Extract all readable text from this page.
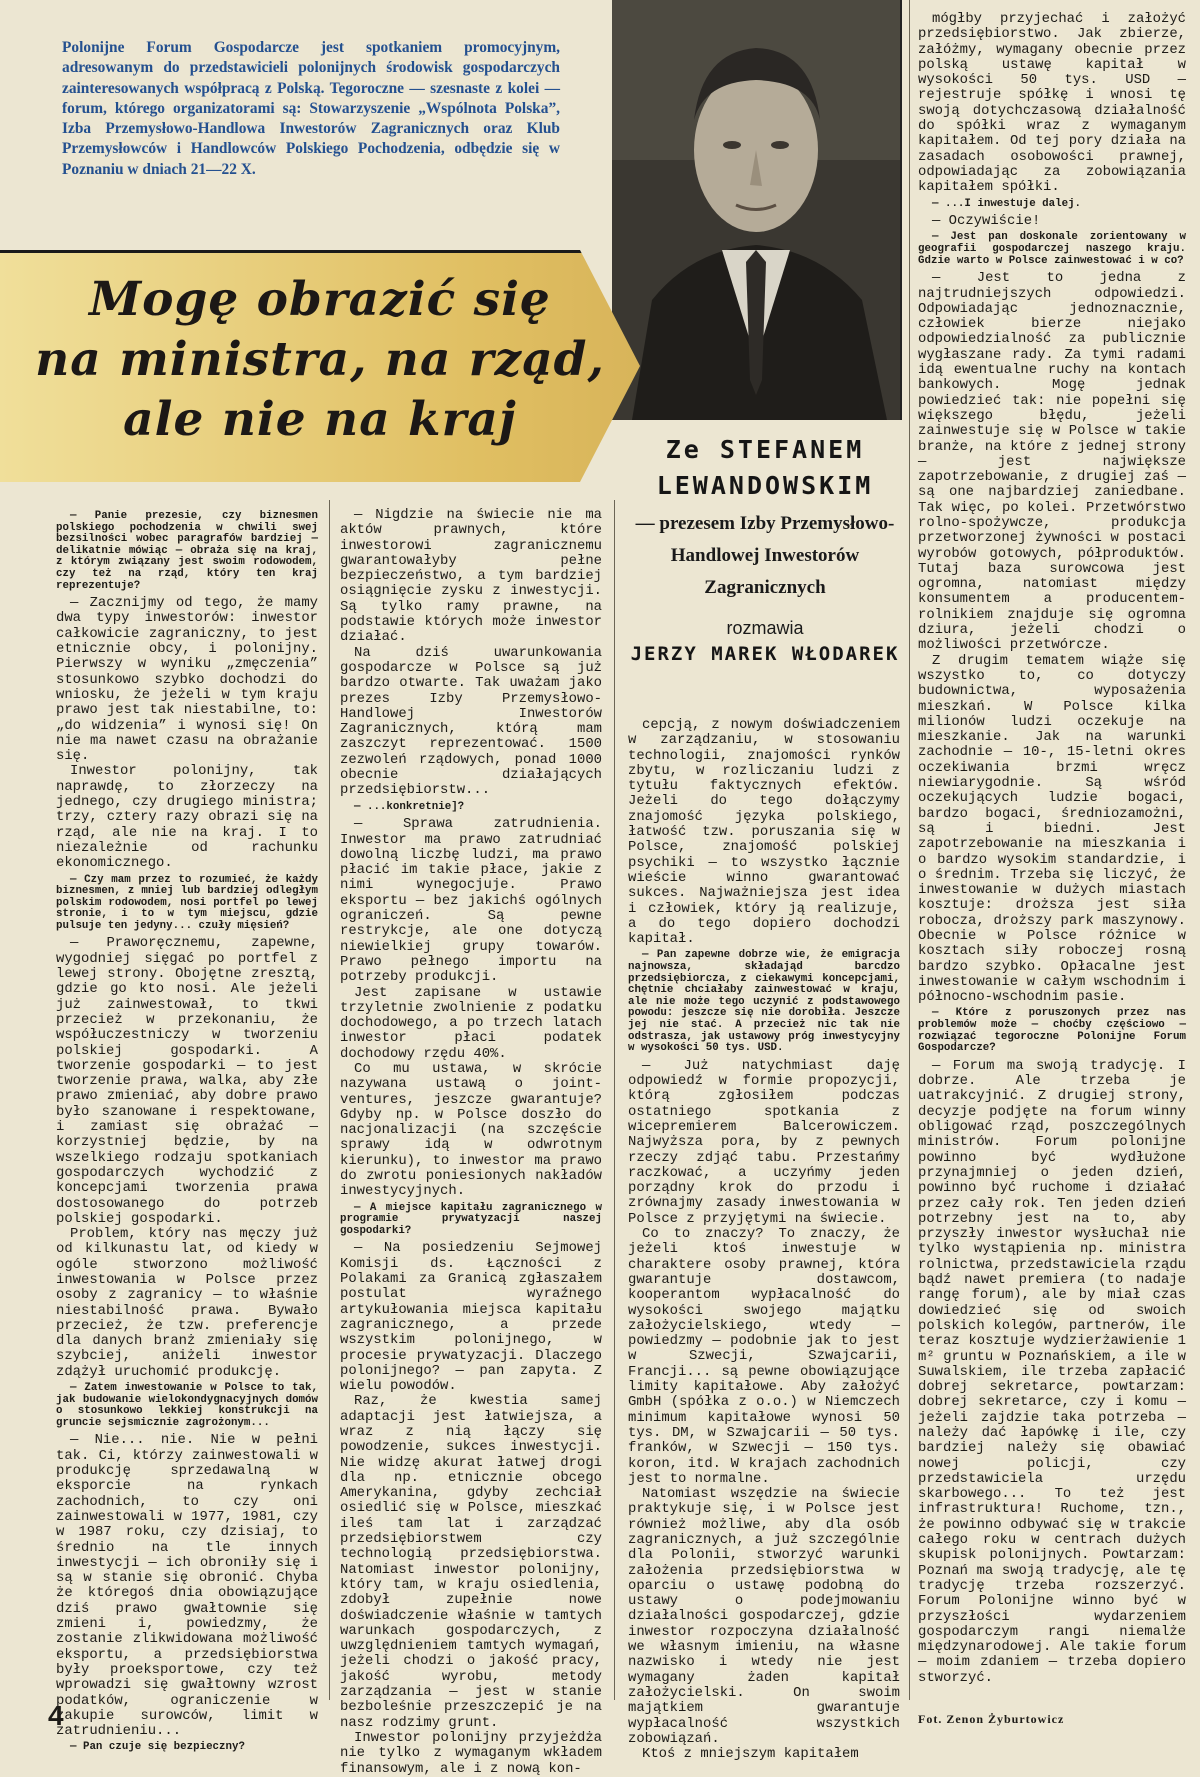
Polonijne Forum Gospodarcze jest spotkaniem promocyjnym, adresowanym do przedstawicieli polonijnych środowisk gospodarczych zainteresowanych współpracą z Polską. Tegoroczne — szesnaste z kolei — forum, którego organizatorami są: Stowarzyszenie „Wspólnota Polska”, Izba Przemysłowo-Handlowa Inwestorów Zagranicznych oraz Klub Przemysłowców i Handlowców Polskiego Pochodzenia, odbędzie się w Poznaniu w dniach 21—22 X.
Mogę obrazić się
na ministra, na rząd,
ale nie na kraj
Ze STEFANEM
LEWANDOWSKIM
— prezesem Izby Przemysłowo-Handlowej Inwestorów Zagranicznych
rozmawia
JERZY MAREK WŁODAREK

— Panie prezesie, czy biznesmen polskiego pochodzenia w chwili swej bezsilności wobec paragrafów bardziej — delikatnie mówiąc — obraża się na kraj, z którym związany jest swoim rodowodem, czy też na rząd, który ten kraj reprezentuje?

— Zacznijmy od tego, że mamy dwa typy inwestorów: inwestor całkowicie zagraniczny, to jest etnicznie obcy, i polonijny. Pierwszy w wyniku „zmęczenia” stosunkowo szybko dochodzi do wniosku, że jeżeli w tym kraju prawo jest tak niestabilne, to: „do widzenia” i wynosi się! On nie ma nawet czasu na obrażanie się.

Inwestor polonijny, tak naprawdę, to złorzeczy na jednego, czy drugiego ministra; trzy, cztery razy obrazi się na rząd, ale nie na kraj. I to niezależnie od rachunku ekonomicznego.

— Czy mam przez to rozumieć, że każdy biznesmen, z mniej lub bardziej odległym polskim rodowodem, nosi portfel po lewej stronie, i to w tym miejscu, gdzie pulsuje ten jedyny... czuły mięsień?

— Praworęcznemu, zapewne, wygodniej sięgać po portfel z lewej strony. Obojętne zresztą, gdzie go kto nosi. Ale jeżeli już zainwestował, to tkwi przecież w przekonaniu, że współuczestniczy w tworzeniu polskiej gospodarki. A tworzenie gospodarki — to jest tworzenie prawa, walka, aby złe prawo zmieniać, aby dobre prawo było szanowane i respektowane, i zamiast się obrażać — korzystniej będzie, by na wszelkiego rodzaju spotkaniach gospodarczych wychodzić z koncepcjami tworzenia prawa dostosowanego do potrzeb polskiej gospodarki.

Problem, który nas męczy już od kilkunastu lat, od kiedy w ogóle stworzono możliwość inwestowania w Polsce przez osoby z zagranicy — to właśnie niestabilność prawa. Bywało przecież, że tzw. preferencje dla danych branż zmieniały się szybciej, aniżeli inwestor zdążył uruchomić produkcję.

— Zatem inwestowanie w Polsce to tak, jak budowanie wielokondygnacyjnych domów o stosunkowo lekkiej konstrukcji na gruncie sejsmicznie zagrożonym...

— Nie... nie. Nie w pełni tak. Ci, którzy zainwestowali w produkcję sprzedawalną w eksporcie na rynkach zachodnich, to czy oni zainwestowali w 1977, 1981, czy w 1987 roku, czy dzisiaj, to średnio na tle innych inwestycji — ich obroniły się i są w stanie się obronić. Chyba że któregoś dnia obowiązujące dziś prawo gwałtownie się zmieni i, powiedzmy, że zostanie zlikwidowana możliwość eksportu, a przedsiębiorstwa były proeksportowe, czy też wprowadzi się gwałtowny wzrost podatków, ograniczenie w zakupie surowców, limit w zatrudnieniu...

— Pan czuje się bezpieczny?

— Nigdzie na świecie nie ma aktów prawnych, które inwestorowi zagranicznemu gwarantowałyby pełne bezpieczeństwo, a tym bardziej osiągnięcie zysku z inwestycji. Są tylko ramy prawne, na podstawie których może inwestor działać.

Na dziś uwarunkowania gospodarcze w Polsce są już bardzo otwarte. Tak uważam jako prezes Izby Przemysłowo-Handlowej Inwestorów Zagranicznych, którą mam zaszczyt reprezentować. 1500 zezwoleń rządowych, ponad 1000 obecnie działających przedsiębiorstw...

— ...konkretnie]?

— Sprawa zatrudnienia. Inwestor ma prawo zatrudniać dowolną liczbę ludzi, ma prawo płacić im takie płace, jakie z nimi wynegocjuje. Prawo eksportu — bez jakichś ogólnych ograniczeń. Są pewne restrykcje, ale one dotyczą niewielkiej grupy towarów. Prawo pełnego importu na potrzeby produkcji.

Jest zapisane w ustawie trzyletnie zwolnienie z podatku dochodowego, a po trzech latach inwestor płaci podatek dochodowy rzędu 40%.

Co mu ustawa, w skrócie nazywana ustawą o joint-ventures, jeszcze gwarantuje? Gdyby np. w Polsce doszło do nacjonalizacji (na szczęście sprawy idą w odwrotnym kierunku), to inwestor ma prawo do zwrotu poniesionych nakładów inwestycyjnych.

— A miejsce kapitału zagranicznego w programie prywatyzacji naszej gospodarki?

— Na posiedzeniu Sejmowej Komisji ds. Łączności z Polakami za Granicą zgłaszałem postulat wyraźnego artykułowania miejsca kapitału zagranicznego, a przede wszystkim polonijnego, w procesie prywatyzacji. Dlaczego polonijnego? — pan zapyta. Z wielu powodów.

Raz, że kwestia samej adaptacji jest łatwiejsza, a wraz z nią łączy się powodzenie, sukces inwestycji. Nie widzę akurat łatwej drogi dla np. etnicznie obcego Amerykanina, gdyby zechciał osiedlić się w Polsce, mieszkać ileś tam lat i zarządzać przedsiębiorstwem czy technologią przedsiębiorstwa. Natomiast inwestor polonijny, który tam, w kraju osiedlenia, zdobył zupełnie nowe doświadczenie właśnie w tamtych warunkach gospodarczych, z uwzględnieniem tamtych wymagań, jeżeli chodzi o jakość pracy, jakość wyrobu, metody zarządzania — jest w stanie bezboleśnie przeszczepić je na nasz rodzimy grunt.

Inwestor polonijny przyjeżdża nie tylko z wymaganym wkładem finansowym, ale i z nową kon-

cepcją, z nowym doświadczeniem w zarządzaniu, w stosowaniu technologii, znajomości rynków zbytu, w rozliczaniu ludzi z tytułu faktycznych efektów. Jeżeli do tego dołączymy znajomość języka polskiego, łatwość tzw. poruszania się w Polsce, znajomość polskiej psychiki — to wszystko łącznie wieście winno gwarantować sukces. Najważniejsza jest idea i człowiek, który ją realizuje, a do tego dopiero dochodzi kapitał.

— Pan zapewne dobrze wie, że emigracja najnowsza, składająd barcdzo przedsiębiorcza, z ciekawymi koncepcjami, chętnie chciałaby zainwestować w kraju, ale nie może tego uczynić z podstawowego powodu: jeszcze się nie dorobiła. Jeszcze jej nie stać. A przecież nic tak nie odstrasza, jak ustawowy próg inwestycyjny w wysokości 50 tys. USD.

— Już natychmiast daję odpowiedź w formie propozycji, którą zgłosiłem podczas ostatniego spotkania z wicepremierem Balcerowiczem. Najwyższa pora, by z pewnych rzeczy zdjąć tabu. Przestańmy raczkować, a uczyńmy jeden porządny krok do przodu i zrównajmy zasady inwestowania w Polsce z przyjętymi na świecie.

Co to znaczy? To znaczy, że jeżeli ktoś inwestuje w charaktere osoby prawnej, która gwarantuje dostawcom, kooperantom wypłacalność do wysokości swojego majątku założycielskiego, wtedy — powiedzmy — podobnie jak to jest w Szwecji, Szwajcarii, Francji... są pewne obowiązujące limity kapitałowe. Aby założyć GmbH (spółka z o.o.) w Niemczech minimum kapitałowe wynosi 50 tys. DM, w Szwajcarii — 50 tys. franków, w Szwecji — 150 tys. koron, itd. W krajach zachodnich jest to normalne.

Natomiast wszędzie na świecie praktykuje się, i w Polsce jest również możliwe, aby dla osób zagranicznych, a już szczególnie dla Polonii, stworzyć warunki założenia przedsiębiorstwa w oparciu o ustawę podobną do ustawy o podejmowaniu działalności gospodarczej, gdzie inwestor rozpoczyna działalność we własnym imieniu, na własne nazwisko i wtedy nie jest wymagany żaden kapitał założycielski. On swoim majątkiem gwarantuje wypłacalność wszystkich zobowiązań.

Ktoś z mniejszym kapitałem

mógłby przyjechać i założyć przedsiębiorstwo. Jak zbierze, załóżmy, wymagany obecnie przez polską ustawę kapitał w wysokości 50 tys. USD — rejestruje spółkę i wnosi tę swoją dotychczasową działalność do spółki wraz z wymaganym kapitałem. Od tej pory działa na zasadach osobowości prawnej, odpowiadając za zobowiązania kapitałem spółki.

— ...I inwestuje dalej.

— Oczywiście!

— Jest pan doskonale zorientowany w geografii gospodarczej naszego kraju. Gdzie warto w Polsce zainwestować i w co?

— Jest to jedna z najtrudniejszych odpowiedzi. Odpowiadając jednoznacznie, człowiek bierze niejako odpowiedzialność za publicznie wygłaszane rady. Za tymi radami idą ewentualne ruchy na kontach bankowych. Mogę jednak powiedzieć tak: nie popełni się większego błędu, jeżeli zainwestuje się w Polsce w takie branże, na które z jednej strony — jest największe zapotrzebowanie, z drugiej zaś — są one najbardziej zaniedbane. Tak więc, po kolei. Przetwórstwo rolno-spożywcze, produkcja przetworzonej żywności w postaci wyrobów gotowych, półproduktów. Tutaj baza surowcowa jest ogromna, natomiast między konsumentem a producentem-rolnikiem znajduje się ogromna dziura, jeżeli chodzi o możliwości przetwórcze.

Z drugim tematem wiąże się wszystko to, co dotyczy budownictwa, wyposażenia mieszkań. W Polsce kilka milionów ludzi oczekuje na mieszkanie. Jak na warunki zachodnie — 10-, 15-letni okres oczekiwania brzmi wręcz niewiarygodnie. Są wśród oczekujących ludzie bogaci, bardzo bogaci, średniozamożni, są i biedni. Jest zapotrzebowanie na mieszkania i o bardzo wysokim standardzie, i o średnim. Trzeba się liczyć, że inwestowanie w dużych miastach kosztuje: droższa jest siła robocza, droższy park maszynowy. Obecnie w Polsce różnice w kosztach siły roboczej rosną bardzo szybko. Opłacalne jest inwestowanie w całym wschodnim i północno-wschodnim pasie.

— Które z poruszonych przez nas problemów może — choćby częściowo — rozwiązać tegoroczne Polonijne Forum Gospodarcze?

— Forum ma swoją tradycję. I dobrze. Ale trzeba je uatrakcyjnić. Z drugiej strony, decyzje podjęte na forum winny obligować rząd, poszczególnych ministrów. Forum polonijne powinno być wydłużone przynajmniej o jeden dzień, powinno być ruchome i działać przez cały rok. Ten jeden dzień potrzebny jest na to, aby przyszły inwestor wysłuchał nie tylko wystąpienia np. ministra rolnictwa, przedstawiciela rządu bądź nawet premiera (to nadaje rangę forum), ale by miał czas dowiedzieć się od swoich polskich kolegów, partnerów, ile teraz kosztuje wydzierżawienie 1 m² gruntu w Poznańskiem, a ile w Suwalskiem, ile trzeba zapłacić dobrej sekretarce, powtarzam: dobrej sekretarce, czy i komu — jeżeli zajdzie taka potrzeba — należy dać łapówkę i ile, czy bardziej należy się obawiać nowej policji, czy przedstawiciela urzędu skarbowego... To też jest infrastruktura! Ruchome, tzn., że powinno odbywać się w trakcie całego roku w centrach dużych skupisk polonijnych. Powtarzam: Poznań ma swoją tradycję, ale tę tradycję trzeba rozszerzyć. Forum Polonijne winno być w przyszłości wydarzeniem gospodarczym rangi niemalże międzynarodowej. Ale takie forum — moim zdaniem — trzeba dopiero stworzyć.

Fot. Zenon Żyburtowicz
4
